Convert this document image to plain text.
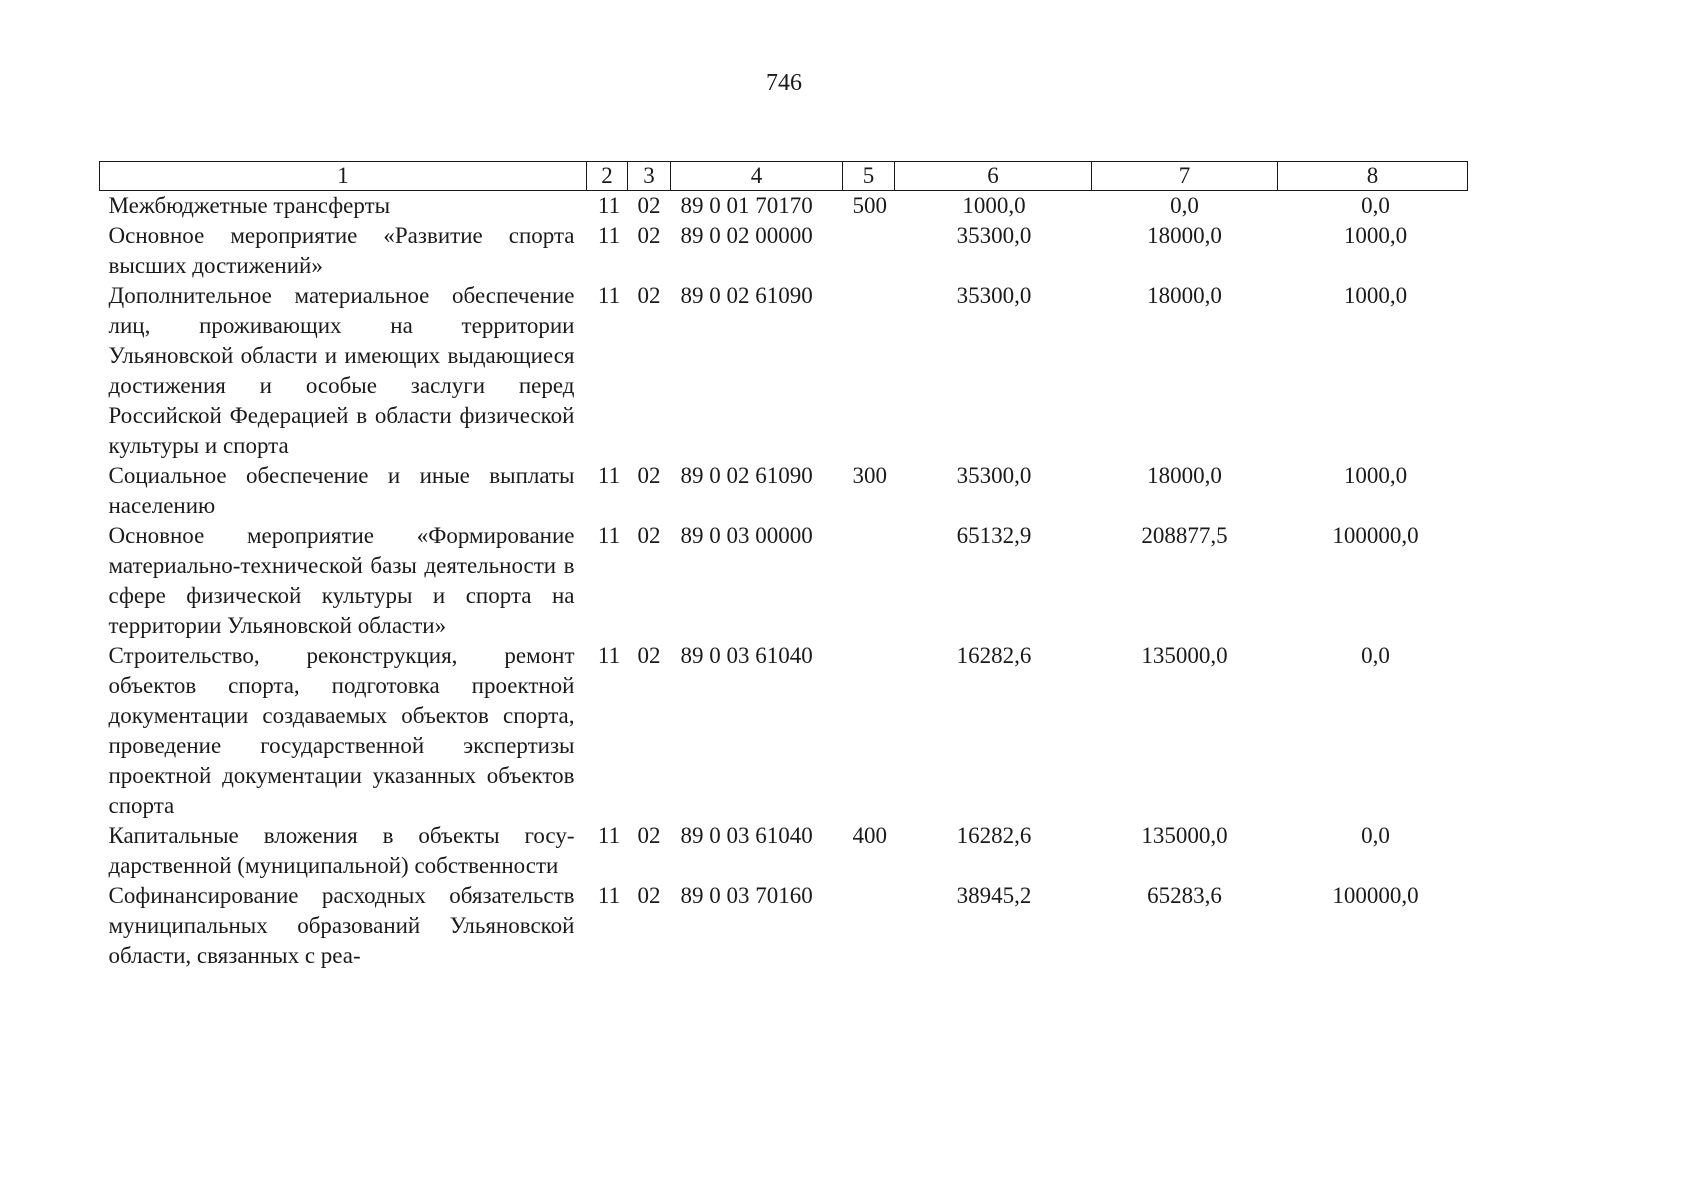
746
1	2	3	4	5	6	7	8
Межбюджетные трансферты	11	02	89 0 01 70170	500	1000,0	0,0	0,0
Основное мероприятие «Развитие спорта высших достижений»	11	02	89 0 02 00000		35300,0	18000,0	1000,0
Дополнительное материальное обеспечение лиц, проживающих на территории Ульяновской области и имеющих выдающиеся достижения и особые заслуги перед Российской Федерацией в области физической культуры и спорта	11	02	89 0 02 61090		35300,0	18000,0	1000,0
Социальное обеспечение и иные выплаты населению	11	02	89 0 02 61090	300	35300,0	18000,0	1000,0
Основное мероприятие «Формирование материально-технической базы деятельности в сфере физической культуры и спорта на территории Ульяновской области»	11	02	89 0 03 00000		65132,9	208877,5	100000,0
Строительство, реконструкция, ремонт объектов спорта, подготовка проектной документации создаваемых объектов спорта, проведение государственной экспертизы проектной документации указанных объектов спорта	11	02	89 0 03 61040		16282,6	135000,0	0,0
Капитальные вложения в объекты государственной (муниципальной) собственности	11	02	89 0 03 61040	400	16282,6	135000,0	0,0
Софинансирование расходных обязательств муниципальных образований Ульяновской области, связанных с реа-	11	02	89 0 03 70160		38945,2	65283,6	100000,0
